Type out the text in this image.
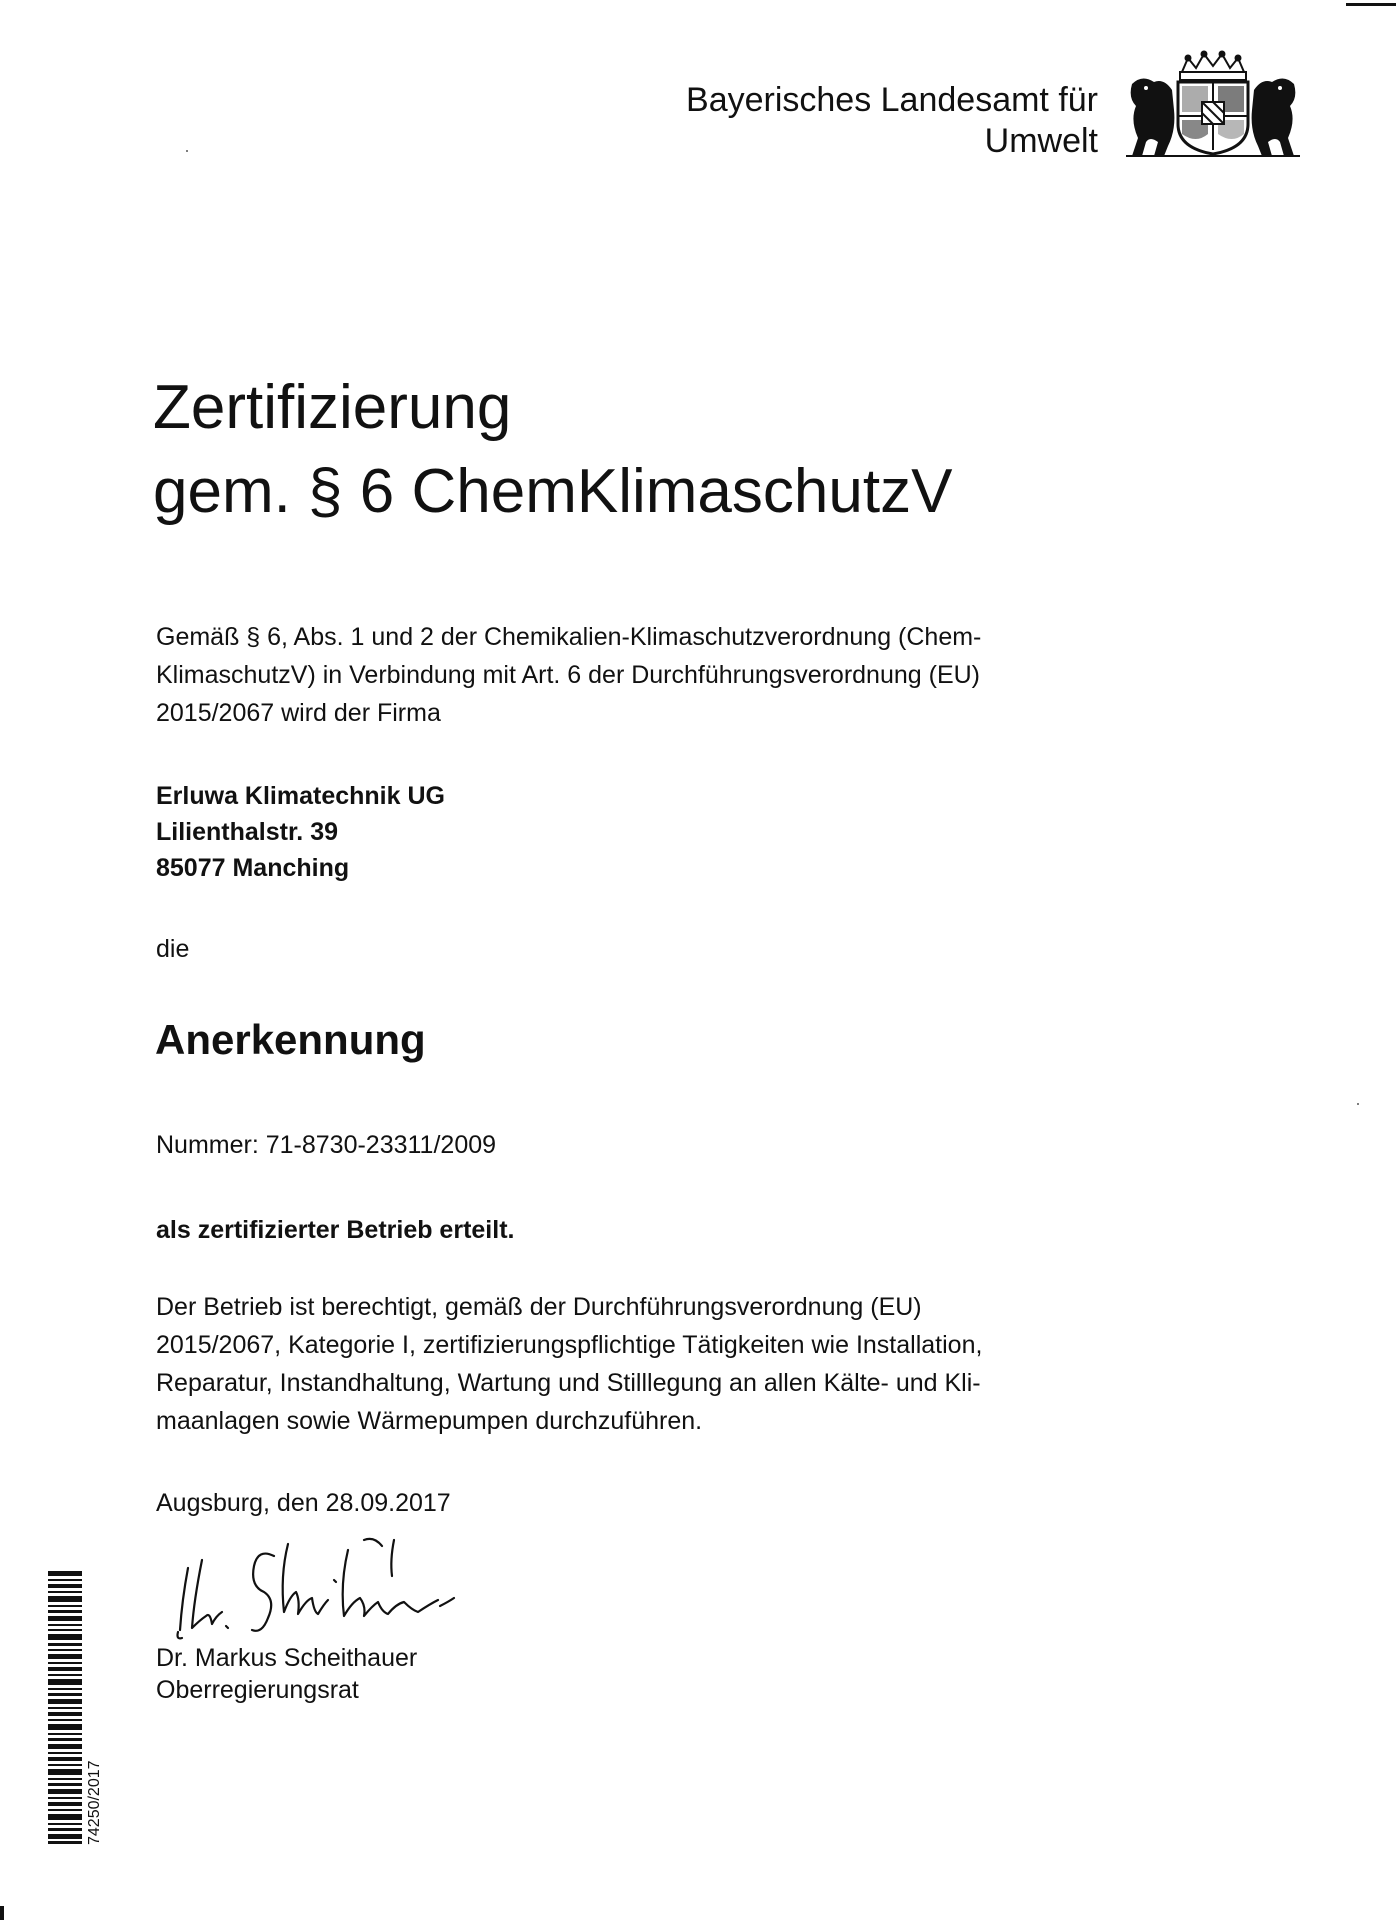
Bayerisches Landesamt für
Umwelt
Zertifizierung
gem. § 6 ChemKlimaschutzV
Gemäß § 6, Abs. 1 und 2 der Chemikalien-Klimaschutzverordnung (Chem-
KlimaschutzV) in Verbindung mit Art. 6 der Durchführungsverordnung (EU)
2015/2067 wird der Firma
Erluwa Klimatechnik UG
Lilienthalstr. 39
85077 Manching
die
Anerkennung
Nummer: 71-8730-23311/2009
als zertifizierter Betrieb erteilt.
Der Betrieb ist berechtigt, gemäß der Durchführungsverordnung (EU)
2015/2067, Kategorie I, zertifizierungspflichtige Tätigkeiten wie Installation,
Reparatur, Instandhaltung, Wartung und Stilllegung an allen Kälte- und Kli-
maanlagen sowie Wärmepumpen durchzuführen.
Augsburg, den 28.09.2017
Dr. Markus Scheithauer
Oberregierungsrat
74250/2017
